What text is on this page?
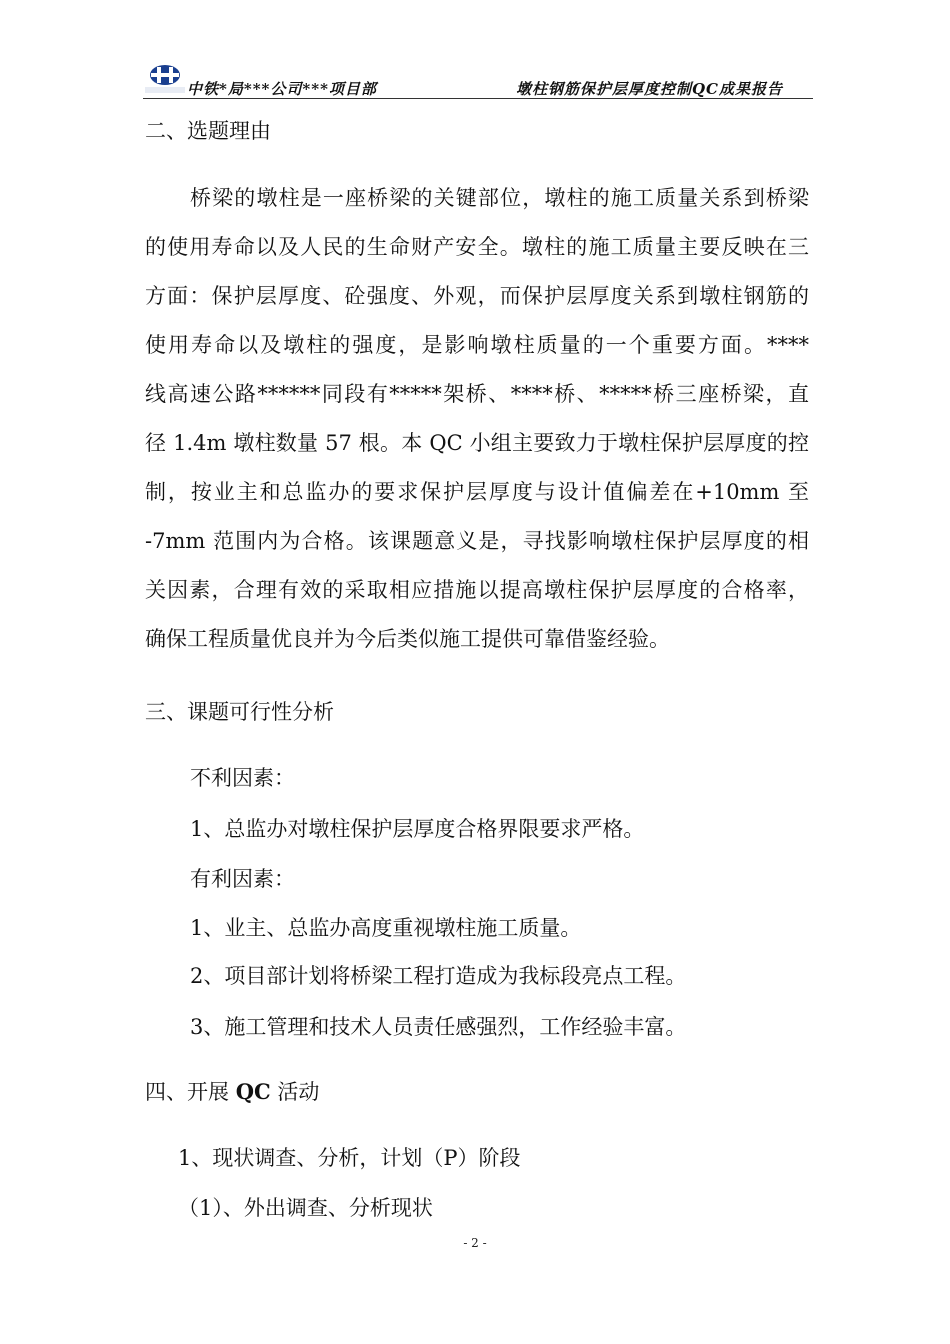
中铁*局***公司***项目部	墩柱钢筋保护层厚度控制QC成果报告
二、选题理由
桥梁的墩柱是一座桥梁的关键部位，墩柱的施工质量关系到桥梁
的使用寿命以及人民的生命财产安全。墩柱的施工质量主要反映在三
方面：保护层厚度、砼强度、外观，而保护层厚度关系到墩柱钢筋的
使用寿命以及墩柱的强度，是影响墩柱质量的一个重要方面。****
线高速公路******同段有*****架桥、****桥、*****桥三座桥梁，直
径 1.4m 墩柱数量 57 根。本 QC 小组主要致力于墩柱保护层厚度的控
制，按业主和总监办的要求保护层厚度与设计值偏差在+10mm 至
-7mm 范围内为合格。该课题意义是，寻找影响墩柱保护层厚度的相
关因素，合理有效的采取相应措施以提高墩柱保护层厚度的合格率，
确保工程质量优良并为今后类似施工提供可靠借鉴经验。
三、课题可行性分析
不利因素：
1、总监办对墩柱保护层厚度合格界限要求严格。
有利因素：
1、业主、总监办高度重视墩柱施工质量。
2、项目部计划将桥梁工程打造成为我标段亮点工程。
3、施工管理和技术人员责任感强烈，工作经验丰富。
四、开展 QC 活动
1、现状调查、分析，计划（P）阶段
（1）、外出调查、分析现状
- 2 -
